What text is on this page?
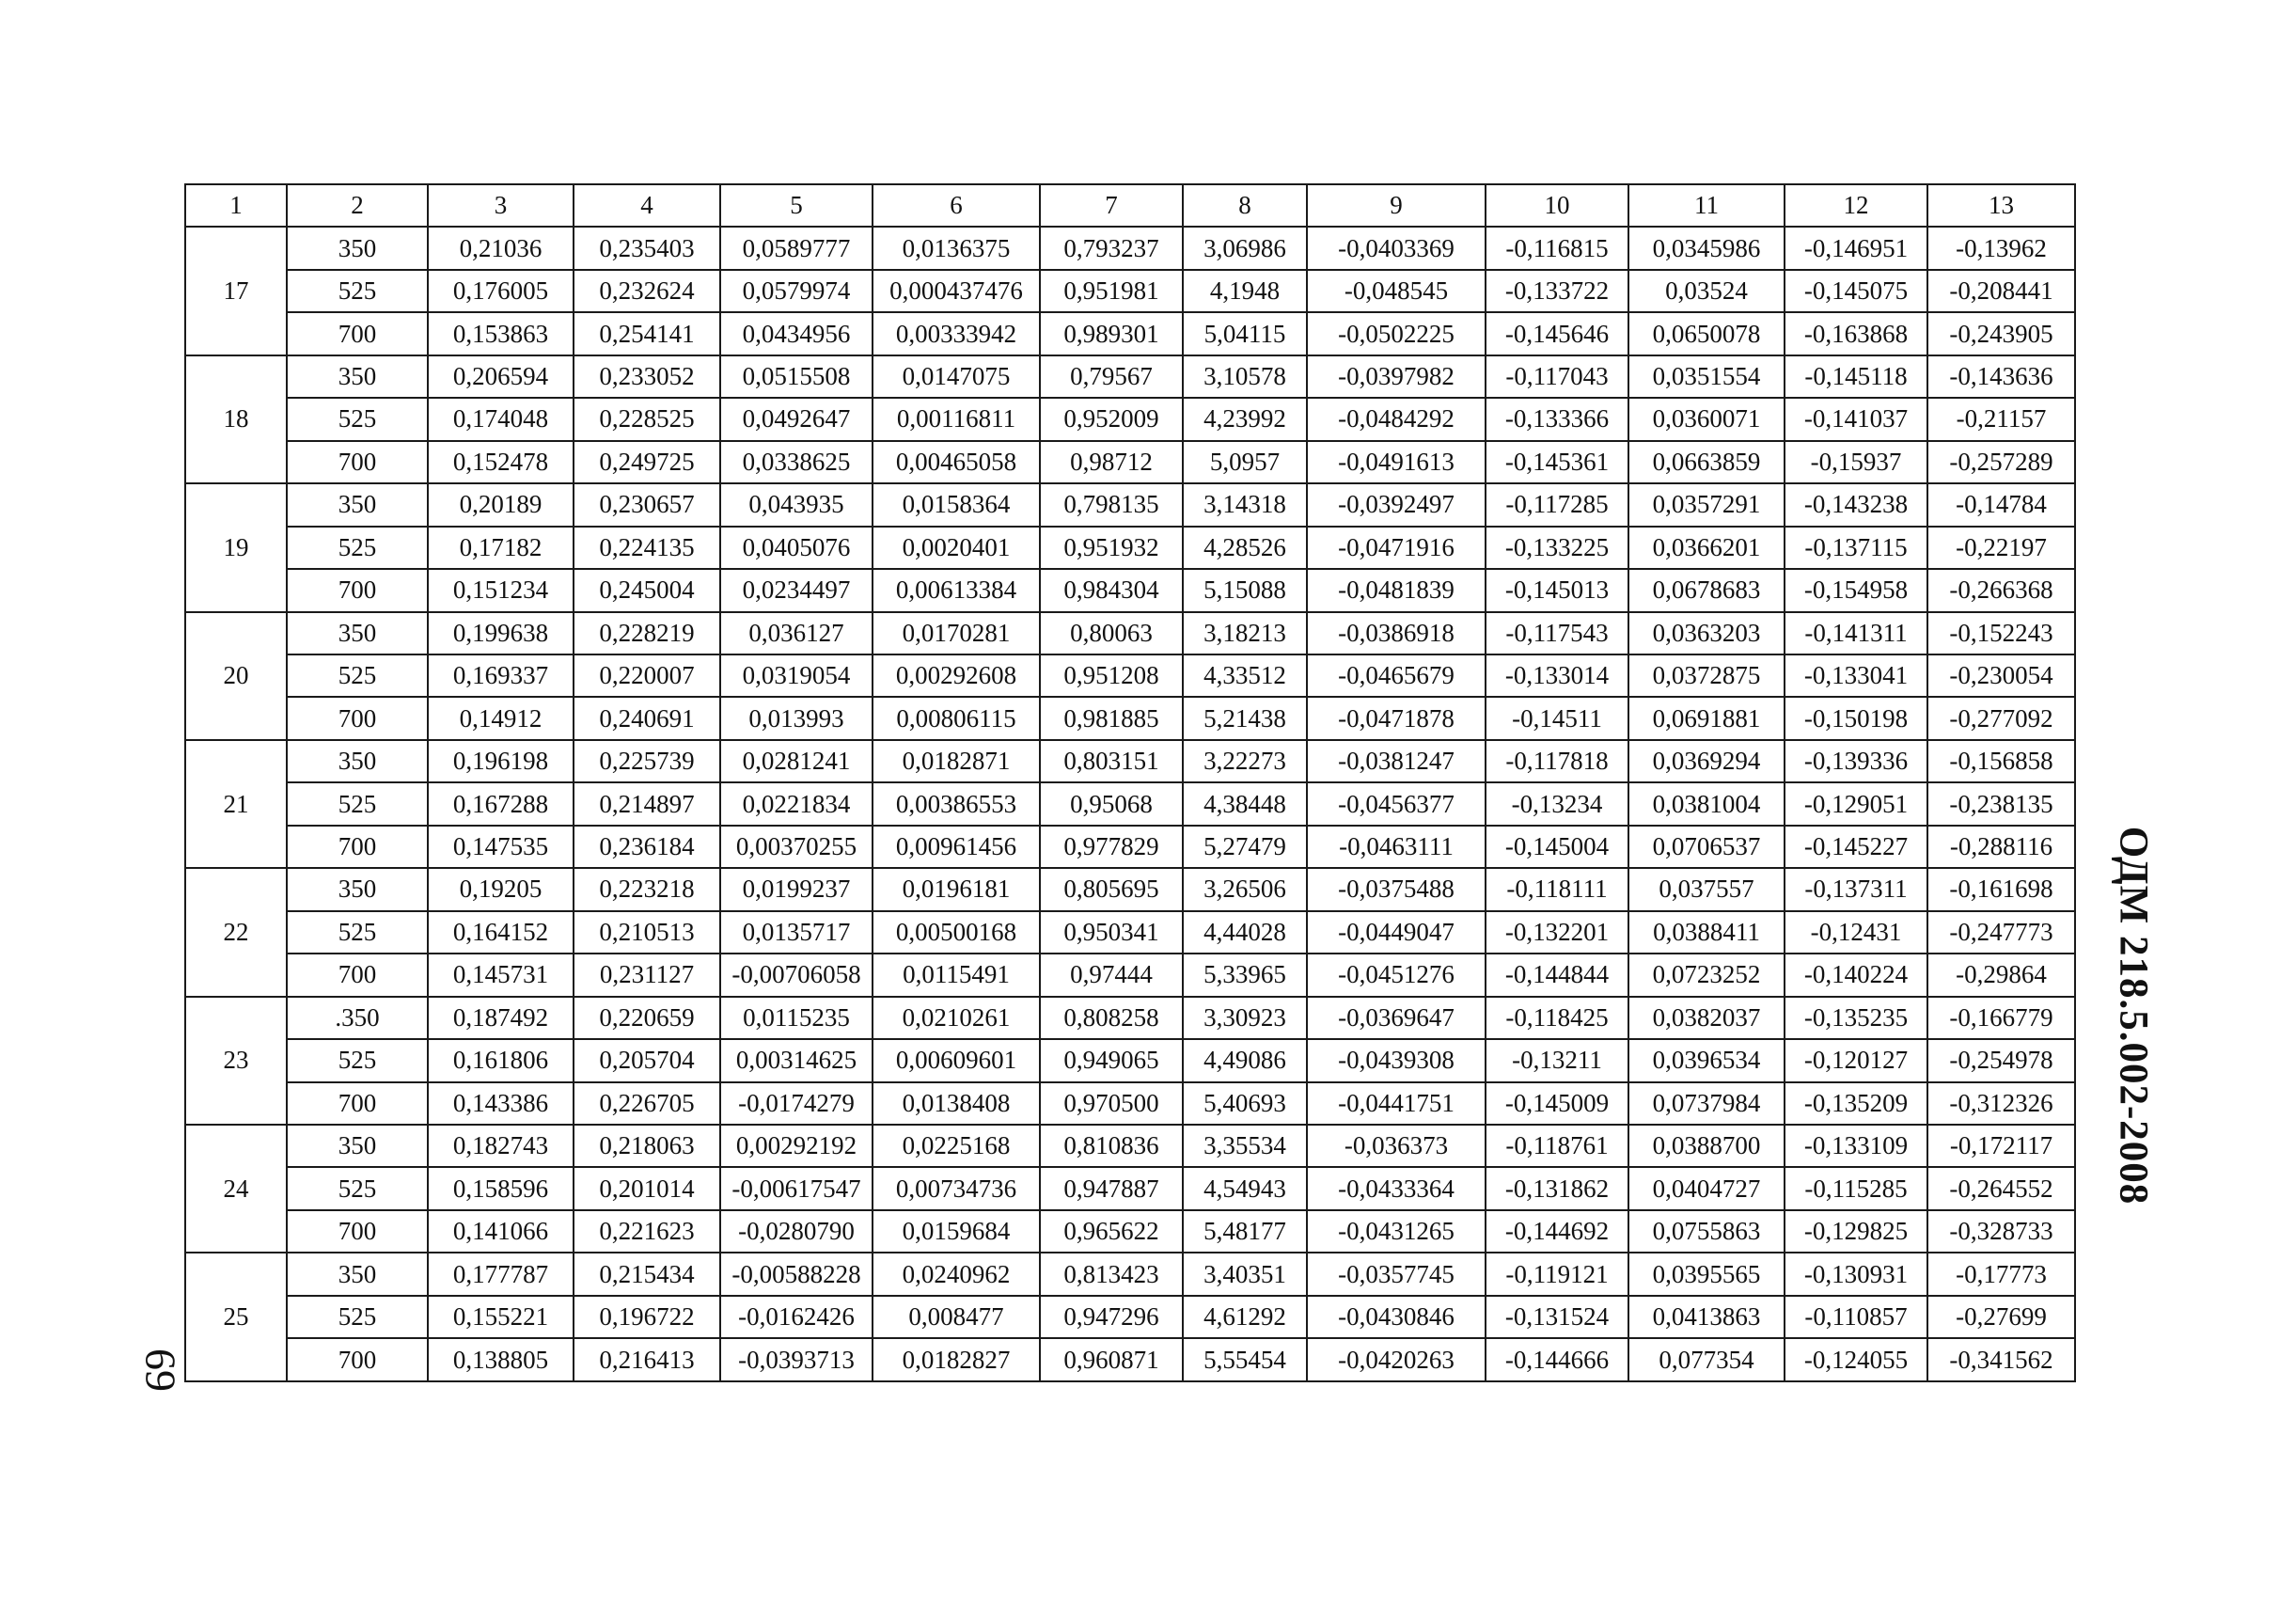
1	2	3	4	5	6	7	8	9	10	11	12	13
17	350	0,21036	0,235403	0,0589777	0,0136375	0,793237	3,06986	-0,0403369	-0,116815	0,0345986	-0,146951	-0,13962
	525	0,176005	0,232624	0,0579974	0,000437476	0,951981	4,1948	-0,048545	-0,133722	0,03524	-0,145075	-0,208441
	700	0,153863	0,254141	0,0434956	0,00333942	0,989301	5,04115	-0,0502225	-0,145646	0,0650078	-0,163868	-0,243905
18	350	0,206594	0,233052	0,0515508	0,0147075	0,79567	3,10578	-0,0397982	-0,117043	0,0351554	-0,145118	-0,143636
	525	0,174048	0,228525	0,0492647	0,00116811	0,952009	4,23992	-0,0484292	-0,133366	0,0360071	-0,141037	-0,21157
	700	0,152478	0,249725	0,0338625	0,00465058	0,98712	5,0957	-0,0491613	-0,145361	0,0663859	-0,15937	-0,257289
19	350	0,20189	0,230657	0,043935	0,0158364	0,798135	3,14318	-0,0392497	-0,117285	0,0357291	-0,143238	-0,14784
	525	0,17182	0,224135	0,0405076	0,0020401	0,951932	4,28526	-0,0471916	-0,133225	0,0366201	-0,137115	-0,22197
	700	0,151234	0,245004	0,0234497	0,00613384	0,984304	5,15088	-0,0481839	-0,145013	0,0678683	-0,154958	-0,266368
20	350	0,199638	0,228219	0,036127	0,0170281	0,80063	3,18213	-0,0386918	-0,117543	0,0363203	-0,141311	-0,152243
	525	0,169337	0,220007	0,0319054	0,00292608	0,951208	4,33512	-0,0465679	-0,133014	0,0372875	-0,133041	-0,230054
	700	0,14912	0,240691	0,013993	0,00806115	0,981885	5,21438	-0,0471878	-0,14511	0,0691881	-0,150198	-0,277092
21	350	0,196198	0,225739	0,0281241	0,0182871	0,803151	3,22273	-0,0381247	-0,117818	0,0369294	-0,139336	-0,156858
	525	0,167288	0,214897	0,0221834	0,00386553	0,95068	4,38448	-0,0456377	-0,13234	0,0381004	-0,129051	-0,238135
	700	0,147535	0,236184	0,00370255	0,00961456	0,977829	5,27479	-0,0463111	-0,145004	0,0706537	-0,145227	-0,288116
22	350	0,19205	0,223218	0,0199237	0,0196181	0,805695	3,26506	-0,0375488	-0,118111	0,037557	-0,137311	-0,161698
	525	0,164152	0,210513	0,0135717	0,00500168	0,950341	4,44028	-0,0449047	-0,132201	0,0388411	-0,12431	-0,247773
	700	0,145731	0,231127	-0,00706058	0,0115491	0,97444	5,33965	-0,0451276	-0,144844	0,0723252	-0,140224	-0,29864
23	.350	0,187492	0,220659	0,0115235	0,0210261	0,808258	3,30923	-0,0369647	-0,118425	0,0382037	-0,135235	-0,166779
	525	0,161806	0,205704	0,00314625	0,00609601	0,949065	4,49086	-0,0439308	-0,13211	0,0396534	-0,120127	-0,254978
	700	0,143386	0,226705	-0,0174279	0,0138408	0,970500	5,40693	-0,0441751	-0,145009	0,0737984	-0,135209	-0,312326
24	350	0,182743	0,218063	0,00292192	0,0225168	0,810836	3,35534	-0,036373	-0,118761	0,0388700	-0,133109	-0,172117
	525	0,158596	0,201014	-0,00617547	0,00734736	0,947887	4,54943	-0,0433364	-0,131862	0,0404727	-0,115285	-0,264552
	700	0,141066	0,221623	-0,0280790	0,0159684	0,965622	5,48177	-0,0431265	-0,144692	0,0755863	-0,129825	-0,328733
25	350	0,177787	0,215434	-0,00588228	0,0240962	0,813423	3,40351	-0,0357745	-0,119121	0,0395565	-0,130931	-0,17773
	525	0,155221	0,196722	-0,0162426	0,008477	0,947296	4,61292	-0,0430846	-0,131524	0,0413863	-0,110857	-0,27699
	700	0,138805	0,216413	-0,0393713	0,0182827	0,960871	5,55454	-0,0420263	-0,144666	0,077354	-0,124055	-0,341562
ОДМ 218.5.002-2008
69
